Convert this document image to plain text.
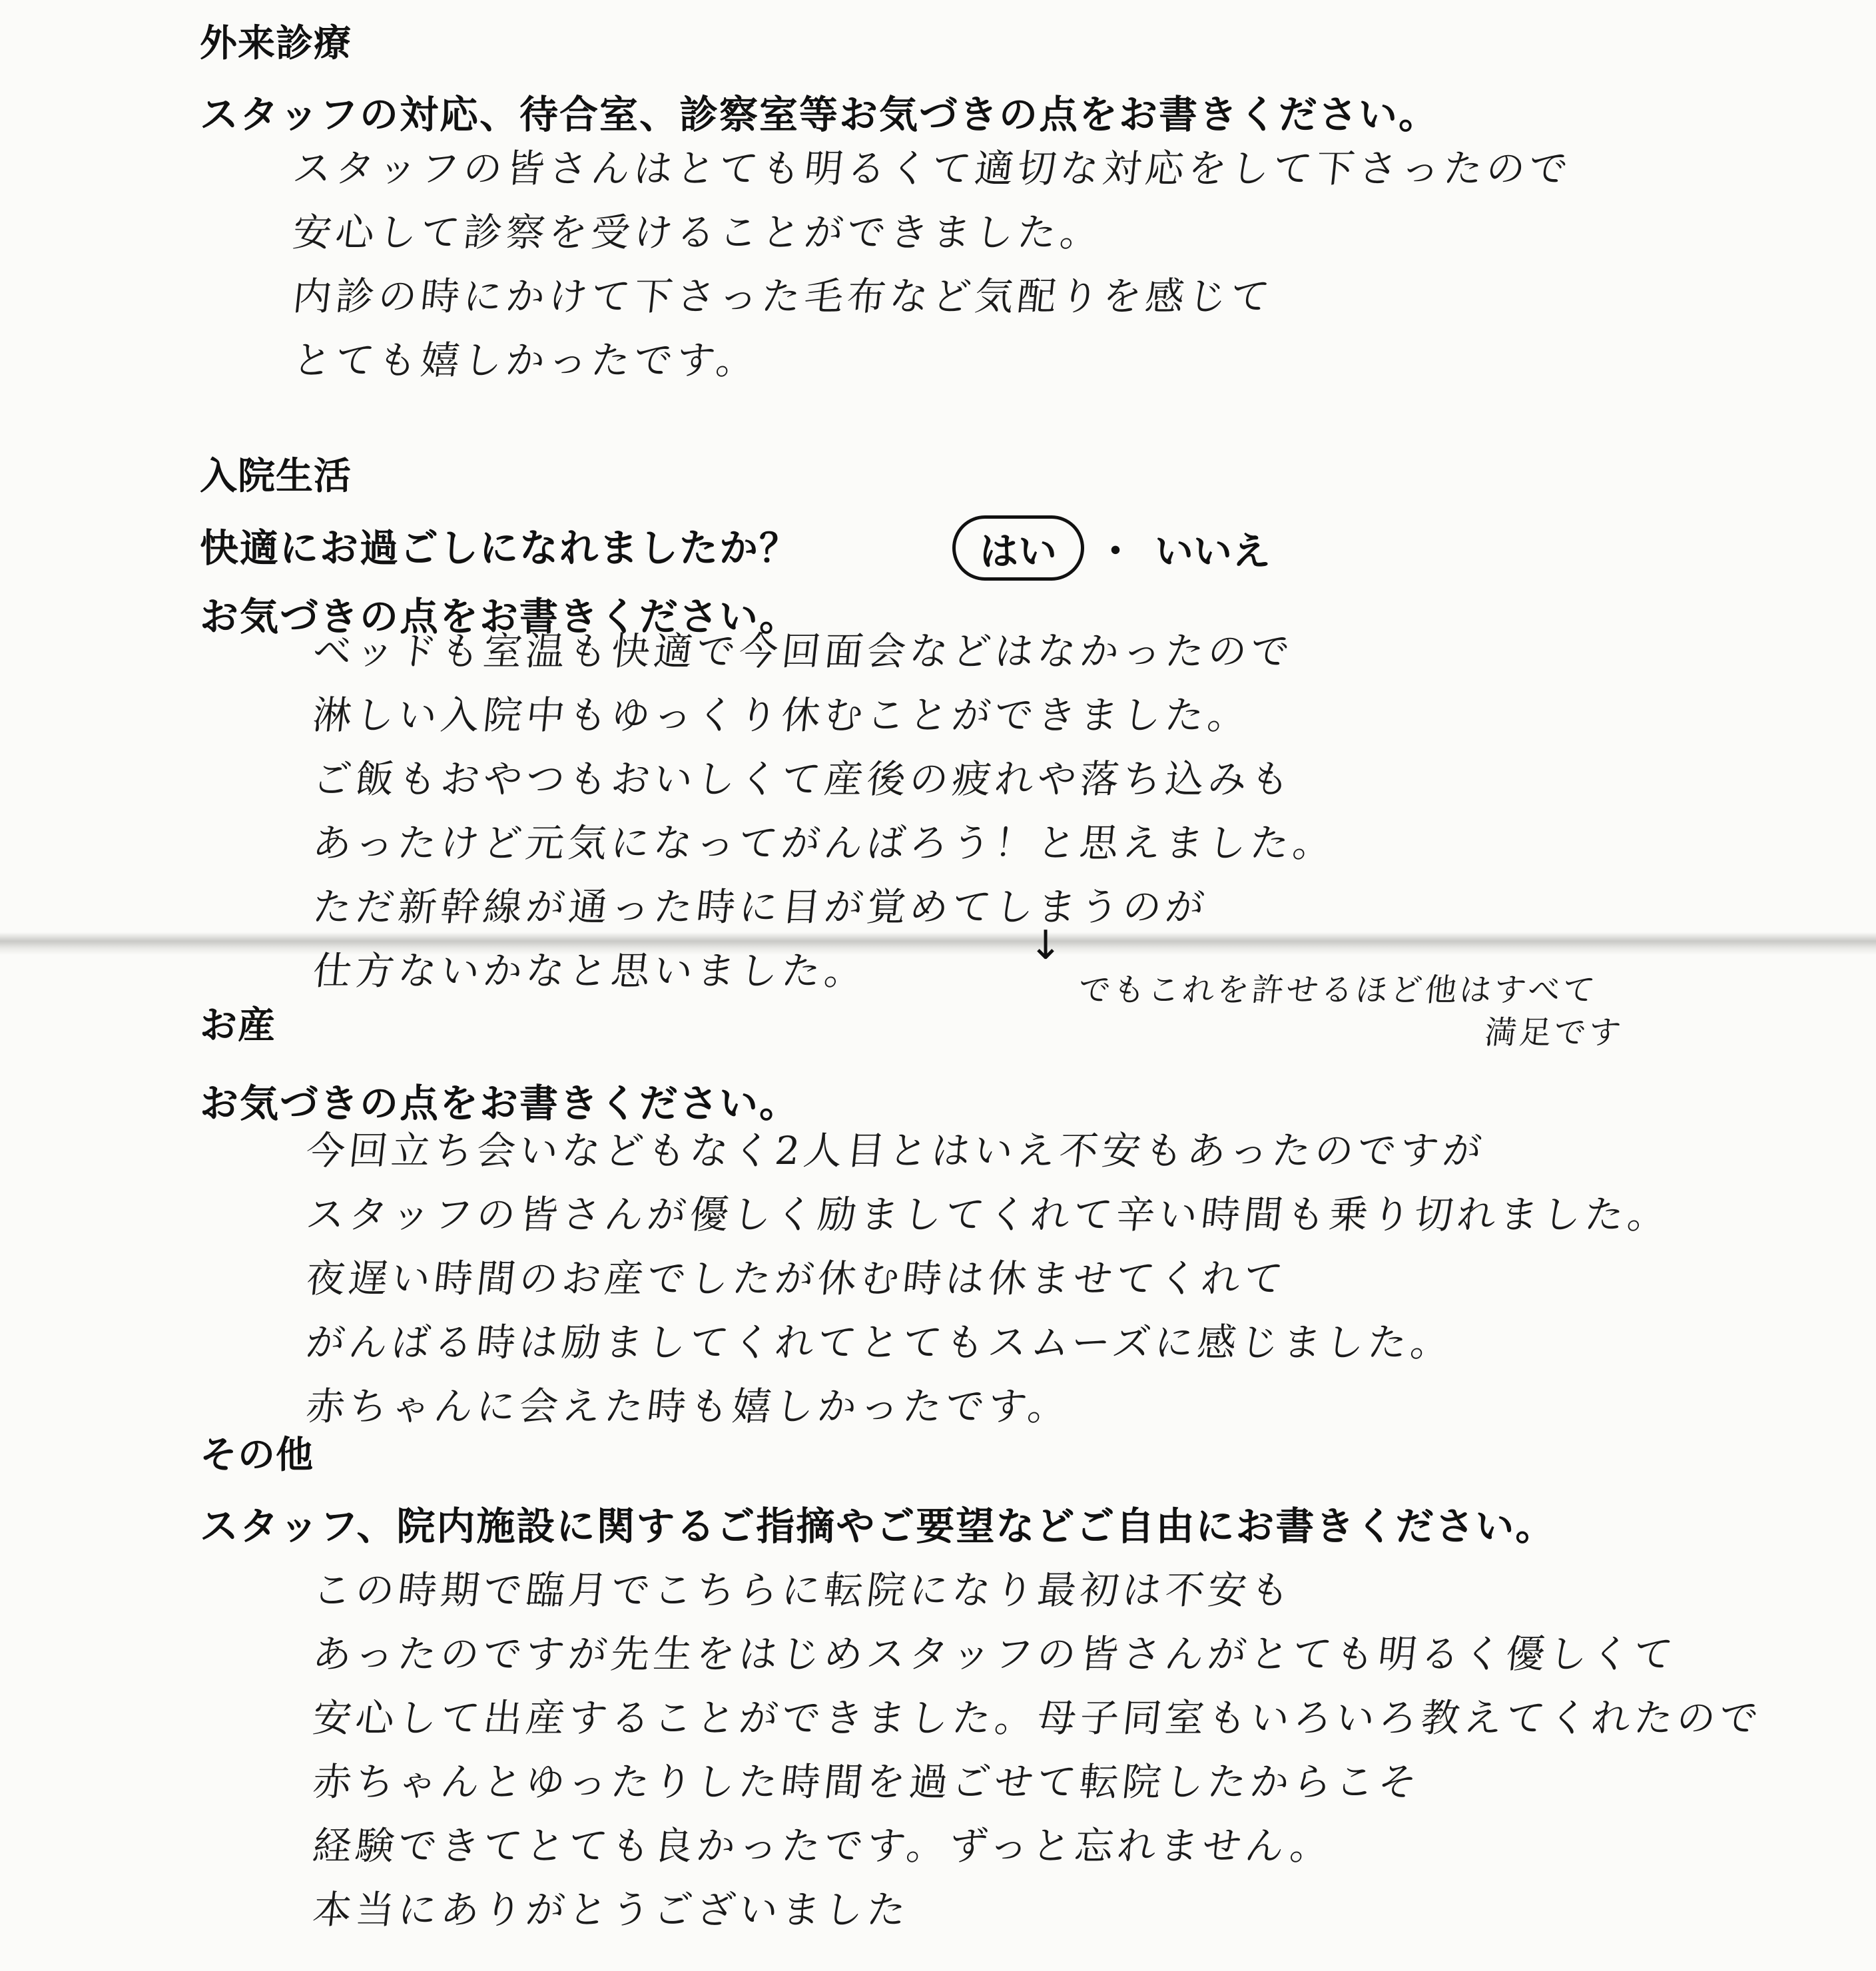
外来診療

スタッフの対応、待合室、診察室等お気づきの点をお書きください。

スタッフの皆さんはとても明るくて適切な対応をして下さったので

安心して診察を受けることができました。

内診の時にかけて下さった毛布など気配りを感じて

とても嬉しかったです。

入院生活

快適にお過ごしになれましたか？	はい	・ いいえ

お気づきの点をお書きください。

ベッドも室温も快適で今回面会などはなかったので

淋しい入院中もゆっくり休むことができました。

ご飯もおやつもおいしくて産後の疲れや落ち込みも

あったけど元気になってがんばろう！と思えました。

ただ新幹線が通った時に目が覚めてしまうのが

仕方ないかなと思いました。

↓
でもこれを許せるほど他はすべて
満足です

お産

お気づきの点をお書きください。

今回立ち会いなどもなく2人目とはいえ不安もあったのですが

スタッフの皆さんが優しく励ましてくれて辛い時間も乗り切れました。

夜遅い時間のお産でしたが休む時は休ませてくれて

がんばる時は励ましてくれてとてもスムーズに感じました。

赤ちゃんに会えた時も嬉しかったです。

その他

スタッフ、院内施設に関するご指摘やご要望などご自由にお書きください。

この時期で臨月でこちらに転院になり最初は不安も

あったのですが先生をはじめスタッフの皆さんがとても明るく優しくて

安心して出産することができました。母子同室もいろいろ教えてくれたので

赤ちゃんとゆったりした時間を過ごせて転院したからこそ

経験できてとても良かったです。ずっと忘れません。

本当にありがとうございました
